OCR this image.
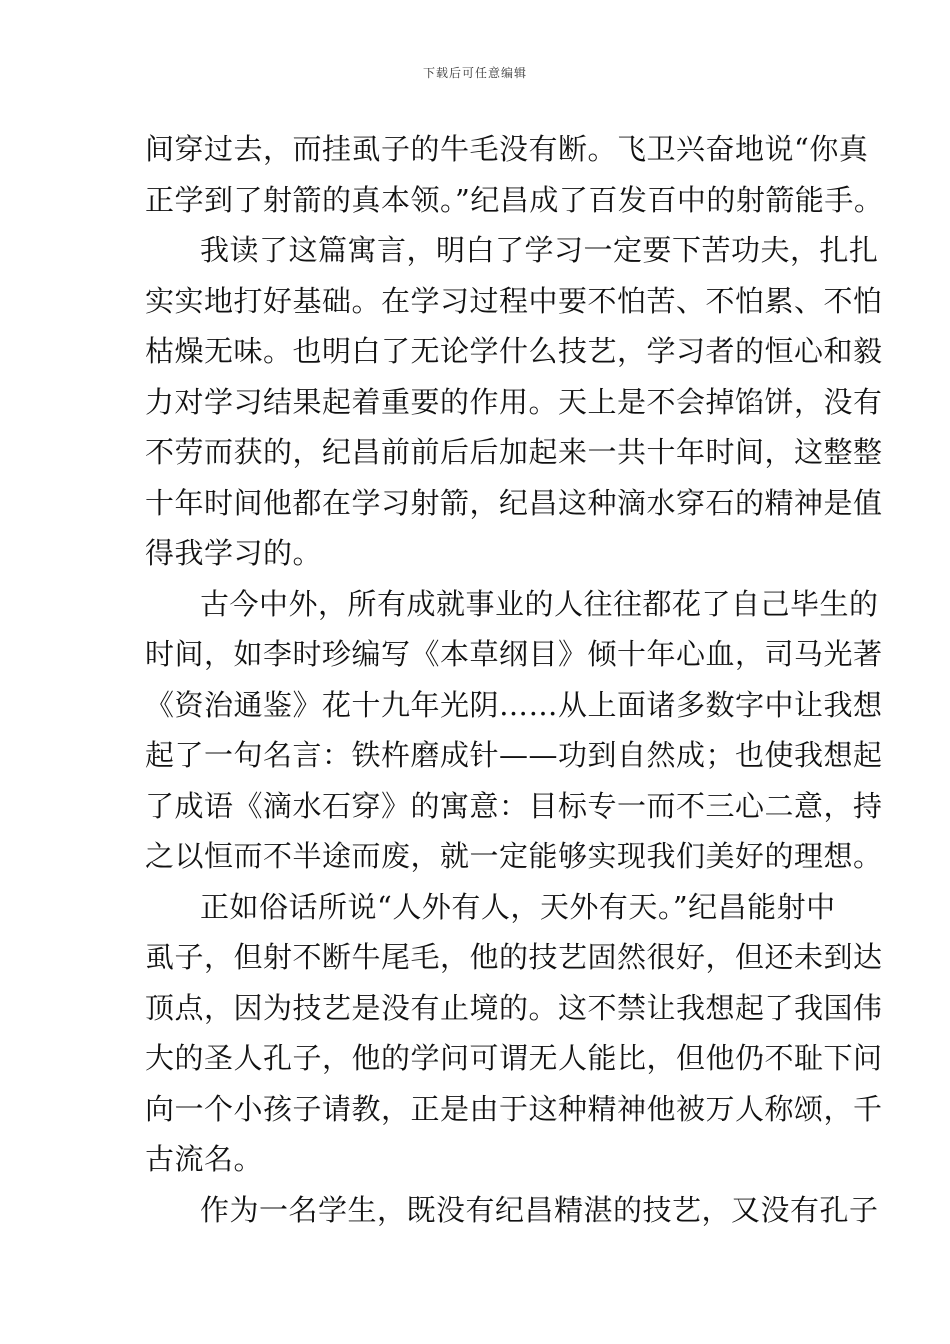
下载后可任意编辑
间穿过去，而挂虱子的牛毛没有断。飞卫兴奋地说“你真
正学到了射箭的真本领。”纪昌成了百发百中的射箭能手。
我读了这篇寓言，明白了学习一定要下苦功夫，扎扎
实实地打好基础。在学习过程中要不怕苦、不怕累、不怕
枯燥无味。也明白了无论学什么技艺，学习者的恒心和毅
力对学习结果起着重要的作用。天上是不会掉馅饼，没有
不劳而获的，纪昌前前后后加起来一共十年时间，这整整
十年时间他都在学习射箭，纪昌这种滴水穿石的精神是值
得我学习的。
古今中外，所有成就事业的人往往都花了自己毕生的
时间，如李时珍编写《本草纲目》倾十年心血，司马光著
《资治通鉴》花十九年光阴……从上面诸多数字中让我想
起了一句名言：铁杵磨成针——功到自然成；也使我想起
了成语《滴水石穿》的寓意：目标专一而不三心二意，持
之以恒而不半途而废，就一定能够实现我们美好的理想。
正如俗话所说“人外有人，天外有天。”纪昌能射中
虱子，但射不断牛尾毛，他的技艺固然很好，但还未到达
顶点，因为技艺是没有止境的。这不禁让我想起了我国伟
大的圣人孔子，他的学问可谓无人能比，但他仍不耻下问
向一个小孩子请教，正是由于这种精神他被万人称颂，千
古流名。
作为一名学生，既没有纪昌精湛的技艺，又没有孔子
